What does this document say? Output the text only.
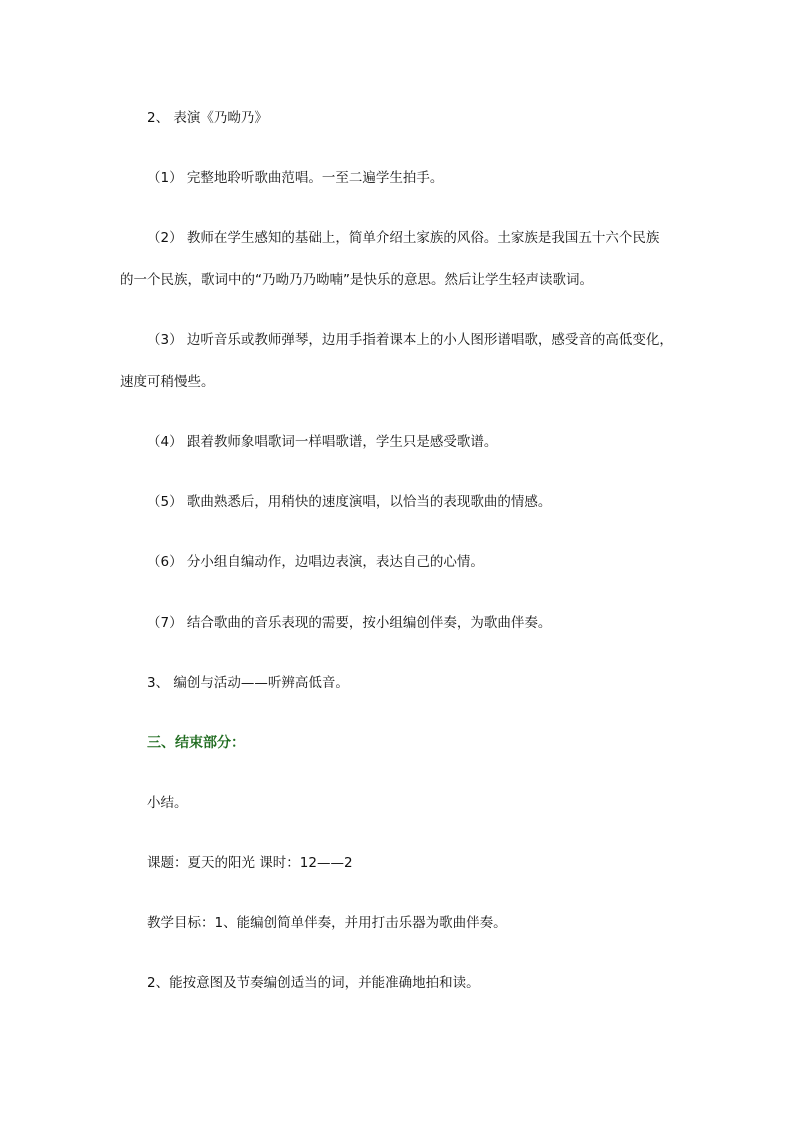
2、 表演《乃呦乃》
（1） 完整地聆听歌曲范唱。一至二遍学生拍手。
（2） 教师在学生感知的基础上，简单介绍土家族的风俗。土家族是我国五十六个民族
的一个民族，歌词中的“乃呦乃乃呦喃”是快乐的意思。然后让学生轻声读歌词。
（3） 边听音乐或教师弹琴，边用手指着课本上的小人图形谱唱歌，感受音的高低变化，
速度可稍慢些。
（4） 跟着教师象唱歌词一样唱歌谱，学生只是感受歌谱。
（5） 歌曲熟悉后，用稍快的速度演唱，以恰当的表现歌曲的情感。
（6） 分小组自编动作，边唱边表演，表达自己的心情。
（7） 结合歌曲的音乐表现的需要，按小组编创伴奏，为歌曲伴奏。
3、 编创与活动——听辨高低音。
三、结束部分：
小结。
课题：夏天的阳光 课时：12——2
教学目标：1、能编创简单伴奏，并用打击乐器为歌曲伴奏。
2、能按意图及节奏编创适当的词，并能准确地拍和读。
